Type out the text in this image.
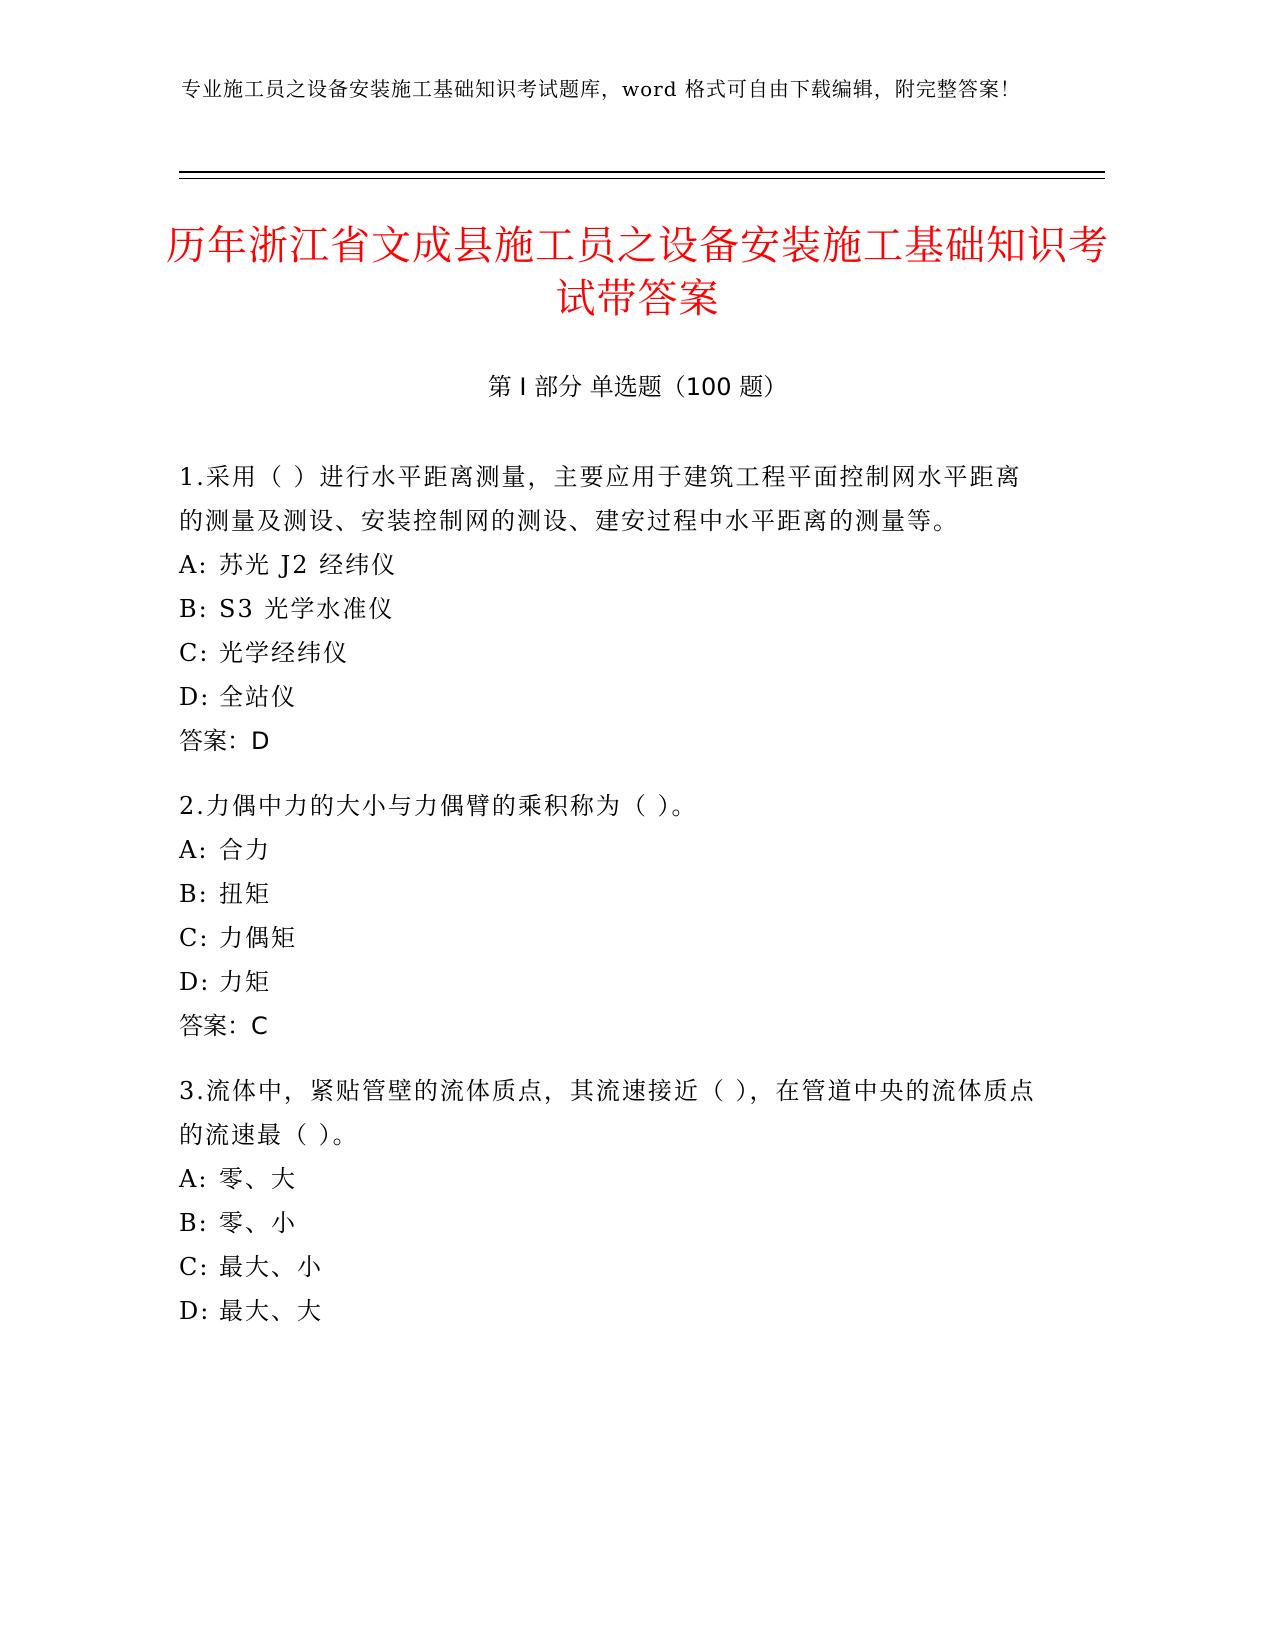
专业施工员之设备安装施工基础知识考试题库，word 格式可自由下载编辑，附完整答案！
历年浙江省文成县施工员之设备安装施工基础知识考试带答案
第 I 部分 单选题（100 题）

1.采用（ ）进行水平距离测量，主要应用于建筑工程平面控制网水平距离的测量及测设、安装控制网的测设、建安过程中水平距离的测量等。

A: 苏光 J2 经纬仪

B: S3 光学水准仪

C: 光学经纬仪

D: 全站仪

答案：D

2.力偶中力的大小与力偶臂的乘积称为（ ）。

A: 合力

B: 扭矩

C: 力偶矩

D: 力矩

答案：C

3.流体中，紧贴管壁的流体质点，其流速接近（ ），在管道中央的流体质点的流速最（ ）。

A: 零、大

B: 零、小

C: 最大、小

D: 最大、大
